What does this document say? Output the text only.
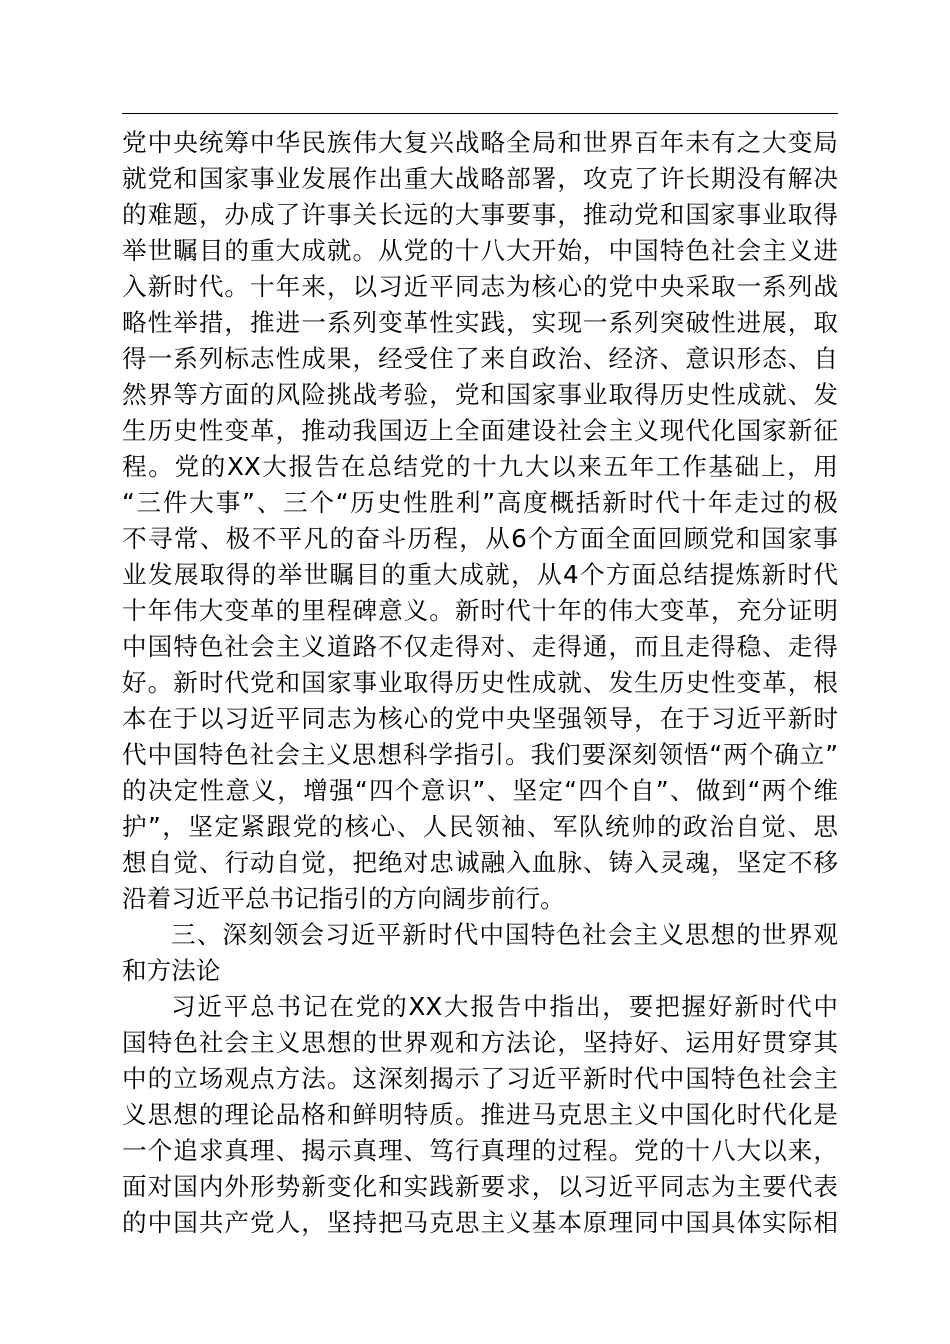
党中央统筹中华民族伟大复兴战略全局和世界百年未有之大变局
就党和国家事业发展作出重大战略部署，攻克了许长期没有解决
的难题，办成了许事关长远的大事要事，推动党和国家事业取得
举世瞩目的重大成就。从党的十八大开始，中国特色社会主义进
入新时代。十年来，以习近平同志为核心的党中央采取一系列战
略性举措，推进一系列变革性实践，实现一系列突破性进展，取
得一系列标志性成果，经受住了来自政治、经济、意识形态、自
然界等方面的风险挑战考验，党和国家事业取得历史性成就、发
生历史性变革，推动我国迈上全面建设社会主义现代化国家新征
程。党的XX大报告在总结党的十九大以来五年工作基础上，用
“三件大事”、三个“历史性胜利”高度概括新时代十年走过的极
不寻常、极不平凡的奋斗历程，从6个方面全面回顾党和国家事
业发展取得的举世瞩目的重大成就，从4个方面总结提炼新时代
十年伟大变革的里程碑意义。新时代十年的伟大变革，充分证明
中国特色社会主义道路不仅走得对、走得通，而且走得稳、走得
好。新时代党和国家事业取得历史性成就、发生历史性变革，根
本在于以习近平同志为核心的党中央坚强领导，在于习近平新时
代中国特色社会主义思想科学指引。我们要深刻领悟“两个确立”
的决定性意义，增强“四个意识”、坚定“四个自”、做到“两个维
护”，坚定紧跟党的核心、人民领袖、军队统帅的政治自觉、思
想自觉、行动自觉，把绝对忠诚融入血脉、铸入灵魂，坚定不移
沿着习近平总书记指引的方向阔步前行。
三、深刻领会习近平新时代中国特色社会主义思想的世界观
和方法论
习近平总书记在党的XX大报告中指出，要把握好新时代中
国特色社会主义思想的世界观和方法论，坚持好、运用好贯穿其
中的立场观点方法。这深刻揭示了习近平新时代中国特色社会主
义思想的理论品格和鲜明特质。推进马克思主义中国化时代化是
一个追求真理、揭示真理、笃行真理的过程。党的十八大以来，
面对国内外形势新变化和实践新要求，以习近平同志为主要代表
的中国共产党人，坚持把马克思主义基本原理同中国具体实际相
